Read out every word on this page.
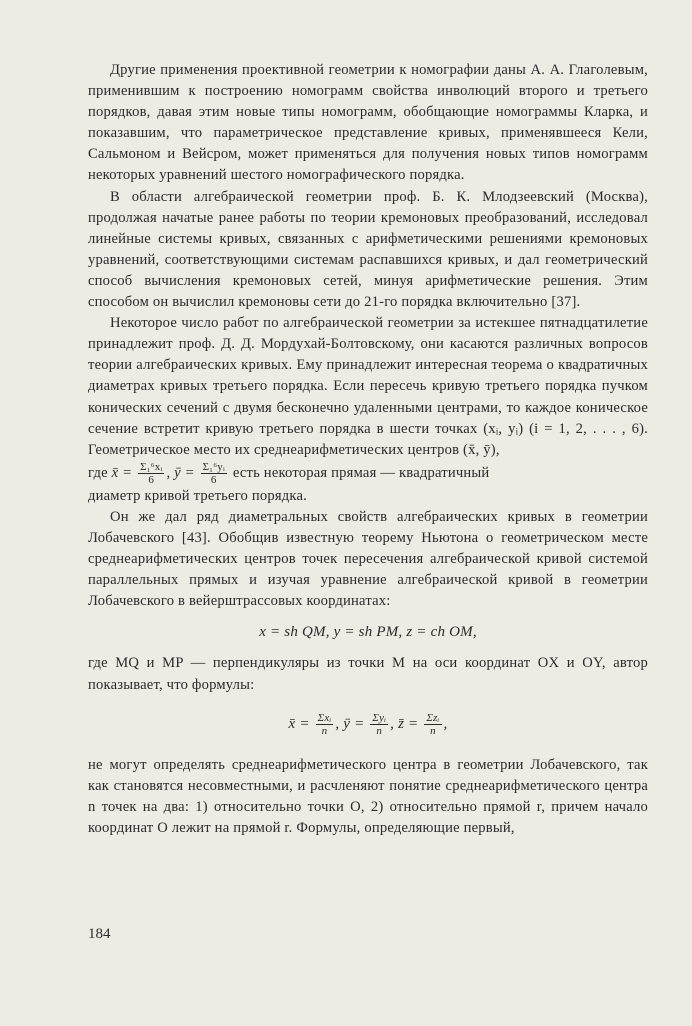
Другие применения проективной геометрии к номографии даны А. А. Глаголевым, применившим к построению номограмм свойства инволюций второго и третьего порядков, давая этим новые типы номограмм, обобщающие номограммы Кларка, и показавшим, что параметрическое представление кривых, применявшееся Кели, Сальмоном и Вейсром, может применяться для получения новых типов номограмм некоторых уравнений шестого номографического порядка.

В области алгебраической геометрии проф. Б. К. Млодзеевский (Москва), продолжая начатые ранее работы по теории кремоновых преобразований, исследовал линейные системы кривых, связанных с арифметическими решениями кремоновых уравнений, соответствующими системам распавшихся кривых, и дал геометрический способ вычисления кремоновых сетей, минуя арифметические решения. Этим способом он вычислил кремоновы сети до 21-го порядка включительно [37].

Некоторое число работ по алгебраической геометрии за истекшее пятнадцатилетие принадлежит проф. Д. Д. Мордухай-Болтовскому, они касаются различных вопросов теории алгебраических кривых. Ему принадлежит интересная теорема о квадратичных диаметрах кривых третьего порядка. Если пересечь кривую третьего порядка пучком конических сечений с двумя бесконечно удаленными центрами, то каждое коническое сечение встретит кривую третьего порядка в шести точках (xᵢ, yᵢ) (i = 1, 2, . . . , 6). Геометрическое место их среднеарифметических центров (x̄, ȳ),

где x̄ = $\frac{\text{Σ₁⁶xᵢ}}{6}$ , ȳ = $\frac{\text{Σ₁⁶yᵢ}}{6}$ есть некоторая прямая — квадратичный

диаметр кривой третьего порядка.

Он же дал ряд диаметральных свойств алгебраических кривых в геометрии Лобачевского [43]. Обобщив известную теорему Ньютона о геометрическом месте среднеарифметических центров точек пересечения алгебраической кривой системой параллельных прямых и изучая уравнение алгебраической кривой в геометрии Лобачевского в вейерштрассовых координатах:

x = sh QM, y = sh PM, z = ch OM,

где MQ и MP — перпендикуляры из точки M на оси координат OX и OY, автор показывает, что формулы:

x̄ = $\frac{\text{Σxᵢ}}{n}$ , ȳ = $\frac{\text{Σyᵢ}}{n}$ , z̄ = $\frac{\text{Σzᵢ}}{n}$ ,

не могут определять среднеарифметического центра в геометрии Лобачевского, так как становятся несовместными, и расчленяют понятие среднеарифметического центра n точек на два: 1) относительно точки O, 2) относительно прямой r, причем начало координат O лежит на прямой r. Формулы, определяющие первый,

184
